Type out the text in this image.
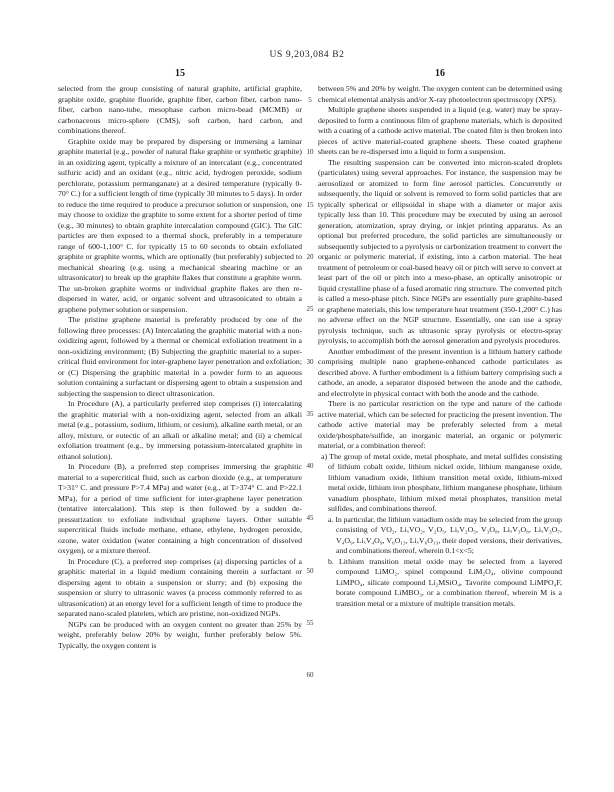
US 9,203,084 B2
15

selected from the group consisting of natural graphite, artificial graphite, graphite oxide, graphite fluoride, graphite fiber, carbon fiber, carbon nano-fiber, carbon nano-tube, mesophase carbon micro-bead (MCMB) or carbonaceous micro-sphere (CMS), soft carbon, hard carbon, and combinations thereof.

Graphite oxide may be prepared by dispersing or immersing a laminar graphite material (e.g., powder of natural flake graphite or synthetic graphite) in an oxidizing agent, typically a mixture of an intercalant (e.g., concentrated sulfuric acid) and an oxidant (e.g., nitric acid, hydrogen peroxide, sodium perchlorate, potassium permanganate) at a desired temperature (typically 0-70° C.) for a sufficient length of time (typically 30 minutes to 5 days). In order to reduce the time required to produce a precursor solution or suspension, one may choose to oxidize the graphite to some extent for a shorter period of time (e.g., 30 minutes) to obtain graphite intercalation compound (GIC). The GIC particles are then exposed to a thermal shock, preferably in a temperature range of 600-1,100° C. for typically 15 to 60 seconds to obtain exfoliated graphite or graphite worms, which are optionally (but preferably) subjected to mechanical shearing (e.g. using a mechanical shearing machine or an ultrasonicator) to break up the graphite flakes that constitute a graphite worm. The un-broken graphite worms or individual graphite flakes are then re-dispersed in water, acid, or organic solvent and ultrasonicated to obtain a graphene polymer solution or suspension.

The pristine graphene material is preferably produced by one of the following three processes: (A) Intercalating the graphitic material with a non-oxidizing agent, followed by a thermal or chemical exfoliation treatment in a non-oxidizing environment; (B) Subjecting the graphitic material to a super-critical fluid environment for inter-graphene layer penetration and exfoliation; or (C) Dispersing the graphitic material in a powder form to an aqueous solution containing a surfactant or dispersing agent to obtain a suspension and subjecting the suspension to direct ultrasonication.

In Procedure (A), a particularly preferred step comprises (i) intercalating the graphitic material with a non-oxidizing agent, selected from an alkali metal (e.g., potassium, sodium, lithium, or cesium), alkaline earth metal, or an alloy, mixture, or eutectic of an alkali or alkaline metal; and (ii) a chemical exfoliation treatment (e.g., by immersing potassium-intercalated graphite in ethanol solution).

In Procedure (B), a preferred step comprises immersing the graphitic material to a supercritical fluid, such as carbon dioxide (e.g., at temperature T>31° C. and pressure P>7.4 MPa) and water (e.g., at T>374° C. and P>22.1 MPa), for a period of time sufficient for inter-graphene layer penetration (tentative intercalation). This step is then followed by a sudden de-pressurization to exfoliate individual graphene layers. Other suitable supercritical fluids include methane, ethane, ethylene, hydrogen peroxide, ozone, water oxidation (water containing a high concentration of dissolved oxygen), or a mixture thereof.

In Procedure (C), a preferred step comprises (a) dispersing particles of a graphitic material in a liquid medium containing therein a surfactant or dispersing agent to obtain a suspension or slurry; and (b) exposing the suspension or slurry to ultrasonic waves (a process commonly referred to as ultrasonication) at an energy level for a sufficient length of time to produce the separated nano-scaled platelets, which are pristine, non-oxidized NGPs.

NGPs can be produced with an oxygen content no greater than 25% by weight, preferably below 20% by weight, further preferably below 5%. Typically, the oxygen content is

5
10
15
20
25
30
35
40
45
50
55
60
16

between 5% and 20% by weight. The oxygen content can be determined using chemical elemental analysis and/or X-ray photoelectron spectroscopy (XPS).

Multiple graphene sheets suspended in a liquid (e.g. water) may be spray-deposited to form a continuous film of graphene materials, which is deposited with a coating of a cathode active material. The coated film is then broken into pieces of active material-coated graphene sheets. These coated graphene sheets can be re-dispersed into a liquid to form a suspension.

The resulting suspension can be converted into micron-scaled droplets (particulates) using several approaches. For instance, the suspension may be aerosolized or atomized to form fine aerosol particles. Concurrently or subsequently, the liquid or solvent is removed to form solid particles that are typically spherical or ellipsoidal in shape with a diameter or major axis typically less than 10. This procedure may be executed by using an aerosol generation, atomization, spray drying, or inkjet printing apparatus. As an optional but preferred procedure, the solid particles are simultaneously or subsequently subjected to a pyrolysis or carbonization treatment to convert the organic or polymeric material, if existing, into a carbon material. The heat treatment of petroleum or coal-based heavy oil or pitch will serve to convert at least part of the oil or pitch into a meso-phase, an optically anisotropic or liquid crystalline phase of a fused aromatic ring structure. The converted pitch is called a meso-phase pitch. Since NGPs are essentially pure graphite-based or graphene materials, this low temperature heat treatment (350-1,200° C.) has no adverse effect on the NGP structure. Essentially, one can use a spray pyrolysis technique, such as ultrasonic spray pyrolysis or electro-spray pyrolysis, to accomplish both the aerosol generation and pyrolysis procedures.

Another embodiment of the present invention is a lithium battery cathode comprising multiple nano graphene-enhanced cathode particulates as described above. A further embodiment is a lithium battery comprising such a cathode, an anode, a separator disposed between the anode and the cathode, and electrolyte in physical contact with both the anode and the cathode.

There is no particular restriction on the type and nature of the cathode active material, which can be selected for practicing the present invention. The cathode active material may be preferably selected from a metal oxide/phosphate/sulfide, an inorganic material, an organic or polymeric material, or a combination thereof:

a) The group of metal oxide, metal phosphate, and metal sulfides consisting of lithium cobalt oxide, lithium nickel oxide, lithium manganese oxide, lithium vanadium oxide, lithium transition metal oxide, lithium-mixed metal oxide, lithium iron phosphate, lithium manganese phosphate, lithium vanadium phosphate, lithium mixed metal phosphates, transition metal sulfides, and combinations thereof.

a. In particular, the lithium vanadium oxide may be selected from the group consisting of VO₂, LiₓVO₂, V₂O₅, LiₓV₂O₅, V₃O₈, LiₓV₃O₈, LiₓV₃O₇, V₄O₉, LiₓV₄O₉, V₆O₁₃, LiₓV₆O₁₃, their doped versions, their derivatives, and combinations thereof, wherein 0.1<x<5;

b. Lithium transition metal oxide may be selected from a layered compound LiMO₂, spinel compound LiM₂O₄, olivine compound LiMPO₄, silicate compound Li₂MSiO₄, Tavorite compound LiMPO₄F, borate compound LiMBO₃, or a combination thereof, wherein M is a transition metal or a mixture of multiple transition metals.
